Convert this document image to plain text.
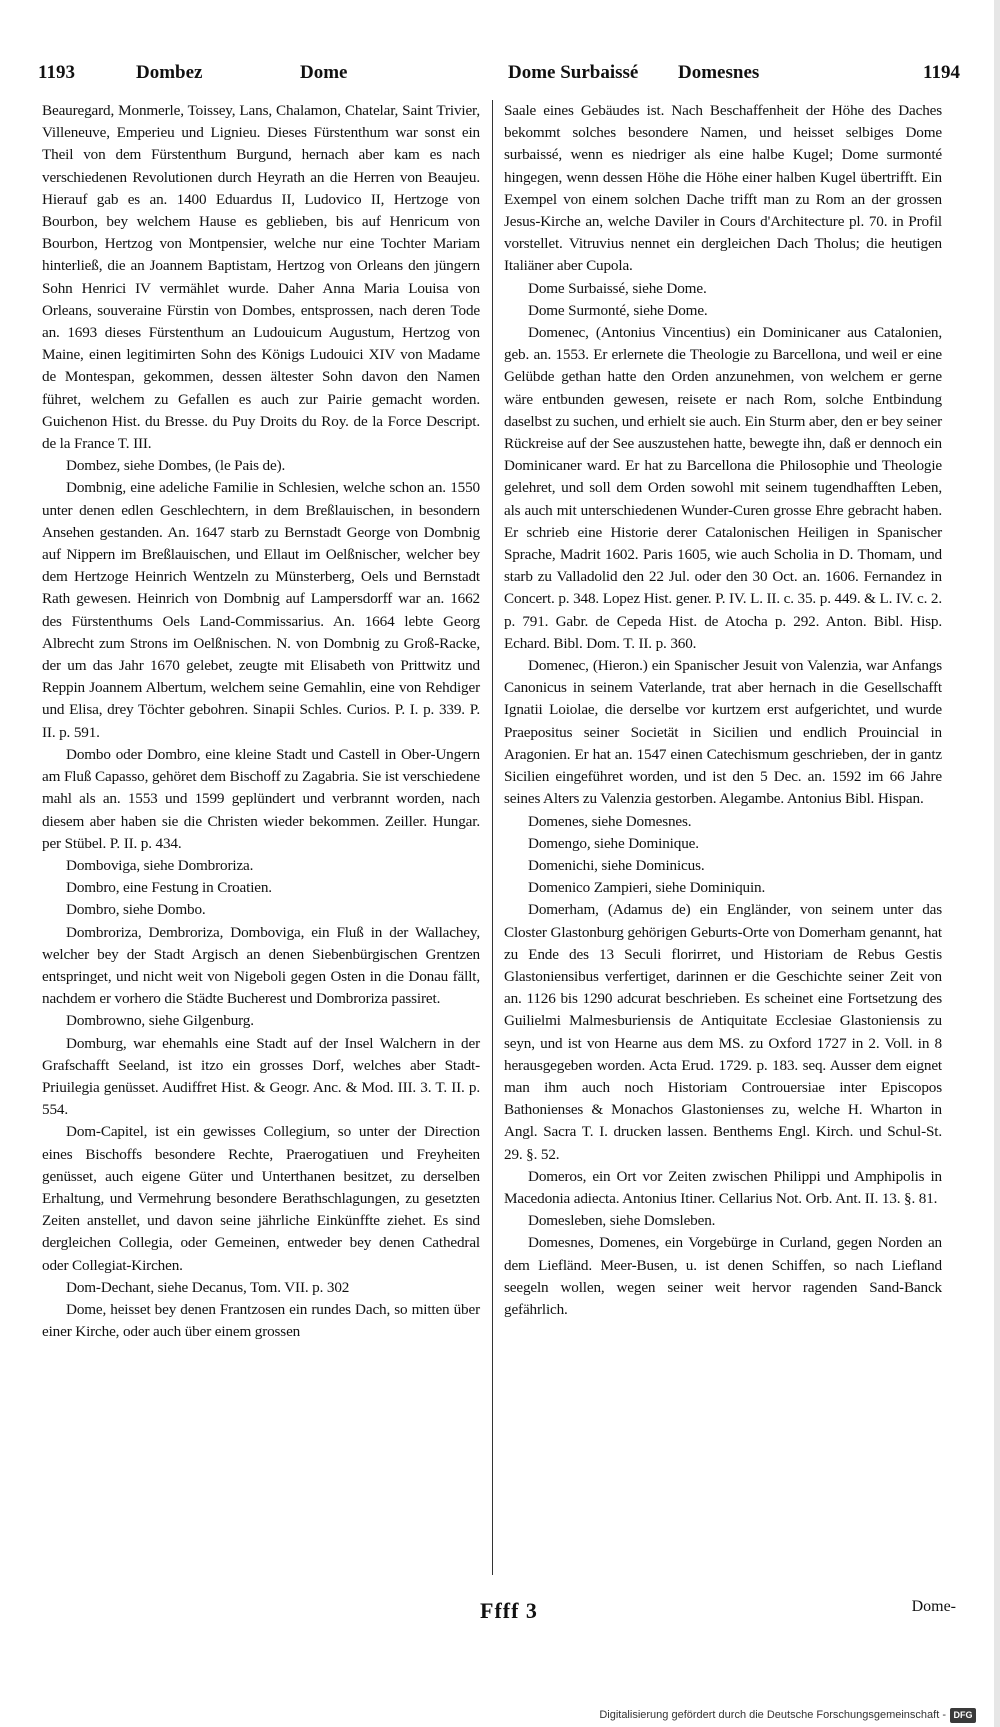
1193	Dombez	Dome	Dome Surbaissé Domesnes	1194

Beauregard, Monmerle, Toissey, Lans, Chalamon, Chatelar, Saint Trivier, Villeneuve, Emperieu und Lignieu. Dieses Fürstenthum war sonst ein Theil von dem Fürstenthum Burgund, hernach aber kam es nach verschiedenen Revolutionen durch Heyrath an die Herren von Beaujeu. Hierauf gab es an. 1400 Eduardus II, Ludovico II, Hertzoge von Bourbon, bey welchem Hause es geblieben, bis auf Henricum von Bourbon, Hertzog von Montpensier, welche nur eine Tochter Mariam hinterließ, die an Joannem Baptistam, Hertzog von Orleans den jüngern Sohn Henrici IV vermählet wurde. Daher Anna Maria Louisa von Orleans, souveraine Fürstin von Dombes, entsprossen, nach deren Tode an. 1693 dieses Fürstenthum an Ludouicum Augustum, Hertzog von Maine, einen legitimirten Sohn des Königs Ludouici XIV von Madame de Montespan, gekommen, dessen ältester Sohn davon den Namen führet, welchem zu Gefallen es auch zur Pairie gemacht worden. Guichenon Hist. du Bresse. du Puy Droits du Roy. de la Force Descript. de la France T. III.

Dombez, siehe Dombes, (le Pais de).

Dombnig, eine adeliche Familie in Schlesien, welche schon an. 1550 unter denen edlen Geschlechtern, in dem Breßlauischen, in besondern Ansehen gestanden. An. 1647 starb zu Bernstadt George von Dombnig auf Nippern im Breßlauischen, und Ellaut im Oelßnischer, welcher bey dem Hertzoge Heinrich Wentzeln zu Münsterberg, Oels und Bernstadt Rath gewesen. Heinrich von Dombnig auf Lampersdorff war an. 1662 des Fürstenthums Oels Land-Commissarius. An. 1664 lebte Georg Albrecht zum Strons im Oelßnischen. N. von Dombnig zu Groß-Racke, der um das Jahr 1670 gelebet, zeugte mit Elisabeth von Prittwitz und Reppin Joannem Albertum, welchem seine Gemahlin, eine von Rehdiger und Elisa, drey Töchter gebohren. Sinapii Schles. Curios. P. I. p. 339. P. II. p. 591.

Dombo oder Dombro, eine kleine Stadt und Castell in Ober-Ungern am Fluß Capasso, gehöret dem Bischoff zu Zagabria. Sie ist verschiedene mahl als an. 1553 und 1599 geplündert und verbrannt worden, nach diesem aber haben sie die Christen wieder bekommen. Zeiller. Hungar. per Stübel. P. II. p. 434.

Domboviga, siehe Dombroriza.

Dombro, eine Festung in Croatien.

Dombro, siehe Dombo.

Dombroriza, Dembroriza, Domboviga, ein Fluß in der Wallachey, welcher bey der Stadt Argisch an denen Siebenbürgischen Grentzen entspringet, und nicht weit von Nigeboli gegen Osten in die Donau fällt, nachdem er vorhero die Städte Bucherest und Dombroriza passiret.

Dombrowno, siehe Gilgenburg.

Domburg, war ehemahls eine Stadt auf der Insel Walchern in der Grafschafft Seeland, ist itzo ein grosses Dorf, welches aber Stadt-Priuilegia genüsset. Audiffret Hist. & Geogr. Anc. & Mod. III. 3. T. II. p. 554.

Dom-Capitel, ist ein gewisses Collegium, so unter der Direction eines Bischoffs besondere Rechte, Praerogatiuen und Freyheiten genüsset, auch eigene Güter und Unterthanen besitzet, zu derselben Erhaltung, und Vermehrung besondere Berathschlagungen, zu gesetzten Zeiten anstellet, und davon seine jährliche Einkünffte ziehet. Es sind dergleichen Collegia, oder Gemeinen, entweder bey denen Cathedral oder Collegiat-Kirchen.

Dom-Dechant, siehe Decanus, Tom. VII. p. 302

Dome, heisset bey denen Frantzosen ein rundes Dach, so mitten über einer Kirche, oder auch über einem grossen

Saale eines Gebäudes ist. Nach Beschaffenheit der Höhe des Daches bekommt solches besondere Namen, und heisset selbiges Dome surbaissé, wenn es niedriger als eine halbe Kugel; Dome surmonté hingegen, wenn dessen Höhe die Höhe einer halben Kugel übertrifft. Ein Exempel von einem solchen Dache trifft man zu Rom an der grossen Jesus-Kirche an, welche Daviler in Cours d'Architecture pl. 70. in Profil vorstellet. Vitruvius nennet ein dergleichen Dach Tholus; die heutigen Italiäner aber Cupola.

Dome Surbaissé, siehe Dome.

Dome Surmonté, siehe Dome.

Domenec, (Antonius Vincentius) ein Dominicaner aus Catalonien, geb. an. 1553. Er erlernete die Theologie zu Barcellona, und weil er eine Gelübde gethan hatte den Orden anzunehmen, von welchem er gerne wäre entbunden gewesen, reisete er nach Rom, solche Entbindung daselbst zu suchen, und erhielt sie auch. Ein Sturm aber, den er bey seiner Rückreise auf der See auszustehen hatte, bewegte ihn, daß er dennoch ein Dominicaner ward. Er hat zu Barcellona die Philosophie und Theologie gelehret, und soll dem Orden sowohl mit seinem tugendhafften Leben, als auch mit unterschiedenen Wunder-Curen grosse Ehre gebracht haben. Er schrieb eine Historie derer Catalonischen Heiligen in Spanischer Sprache, Madrit 1602. Paris 1605, wie auch Scholia in D. Thomam, und starb zu Valladolid den 22 Jul. oder den 30 Oct. an. 1606. Fernandez in Concert. p. 348. Lopez Hist. gener. P. IV. L. II. c. 35. p. 449. & L. IV. c. 2. p. 791. Gabr. de Cepeda Hist. de Atocha p. 292. Anton. Bibl. Hisp. Echard. Bibl. Dom. T. II. p. 360.

Domenec, (Hieron.) ein Spanischer Jesuit von Valenzia, war Anfangs Canonicus in seinem Vaterlande, trat aber hernach in die Gesellschafft Ignatii Loiolae, die derselbe vor kurtzem erst aufgerichtet, und wurde Praepositus seiner Societät in Sicilien und endlich Prouincial in Aragonien. Er hat an. 1547 einen Catechismum geschrieben, der in gantz Sicilien eingeführet worden, und ist den 5 Dec. an. 1592 im 66 Jahre seines Alters zu Valenzia gestorben. Alegambe. Antonius Bibl. Hispan.

Domenes, siehe Domesnes.

Domengo, siehe Dominique.

Domenichi, siehe Dominicus.

Domenico Zampieri, siehe Dominiquin.

Domerham, (Adamus de) ein Engländer, von seinem unter das Closter Glastonburg gehörigen Geburts-Orte von Domerham genannt, hat zu Ende des 13 Seculi florirret, und Historiam de Rebus Gestis Glastoniensibus verfertiget, darinnen er die Geschichte seiner Zeit von an. 1126 bis 1290 adcurat beschrieben. Es scheinet eine Fortsetzung des Guilielmi Malmesburiensis de Antiquitate Ecclesiae Glastoniensis zu seyn, und ist von Hearne aus dem MS. zu Oxford 1727 in 2. Voll. in 8 herausgegeben worden. Acta Erud. 1729. p. 183. seq. Ausser dem eignet man ihm auch noch Historiam Controuersiae inter Episcopos Bathonienses & Monachos Glastonienses zu, welche H. Wharton in Angl. Sacra T. I. drucken lassen. Benthems Engl. Kirch. und Schul-St. 29. §. 52.

Domeros, ein Ort vor Zeiten zwischen Philippi und Amphipolis in Macedonia adiecta. Antonius Itiner. Cellarius Not. Orb. Ant. II. 13. §. 81.

Domesleben, siehe Domsleben.

Domesnes, Domenes, ein Vorgebürge in Curland, gegen Norden an dem Liefländ. Meer-Busen, u. ist denen Schiffen, so nach Liefland seegeln wollen, wegen seiner weit hervor ragenden Sand-Banck gefährlich.

Ffff 3	Dome-
Digitalisierung gefördert durch die Deutsche Forschungsgemeinschaft - DFG
